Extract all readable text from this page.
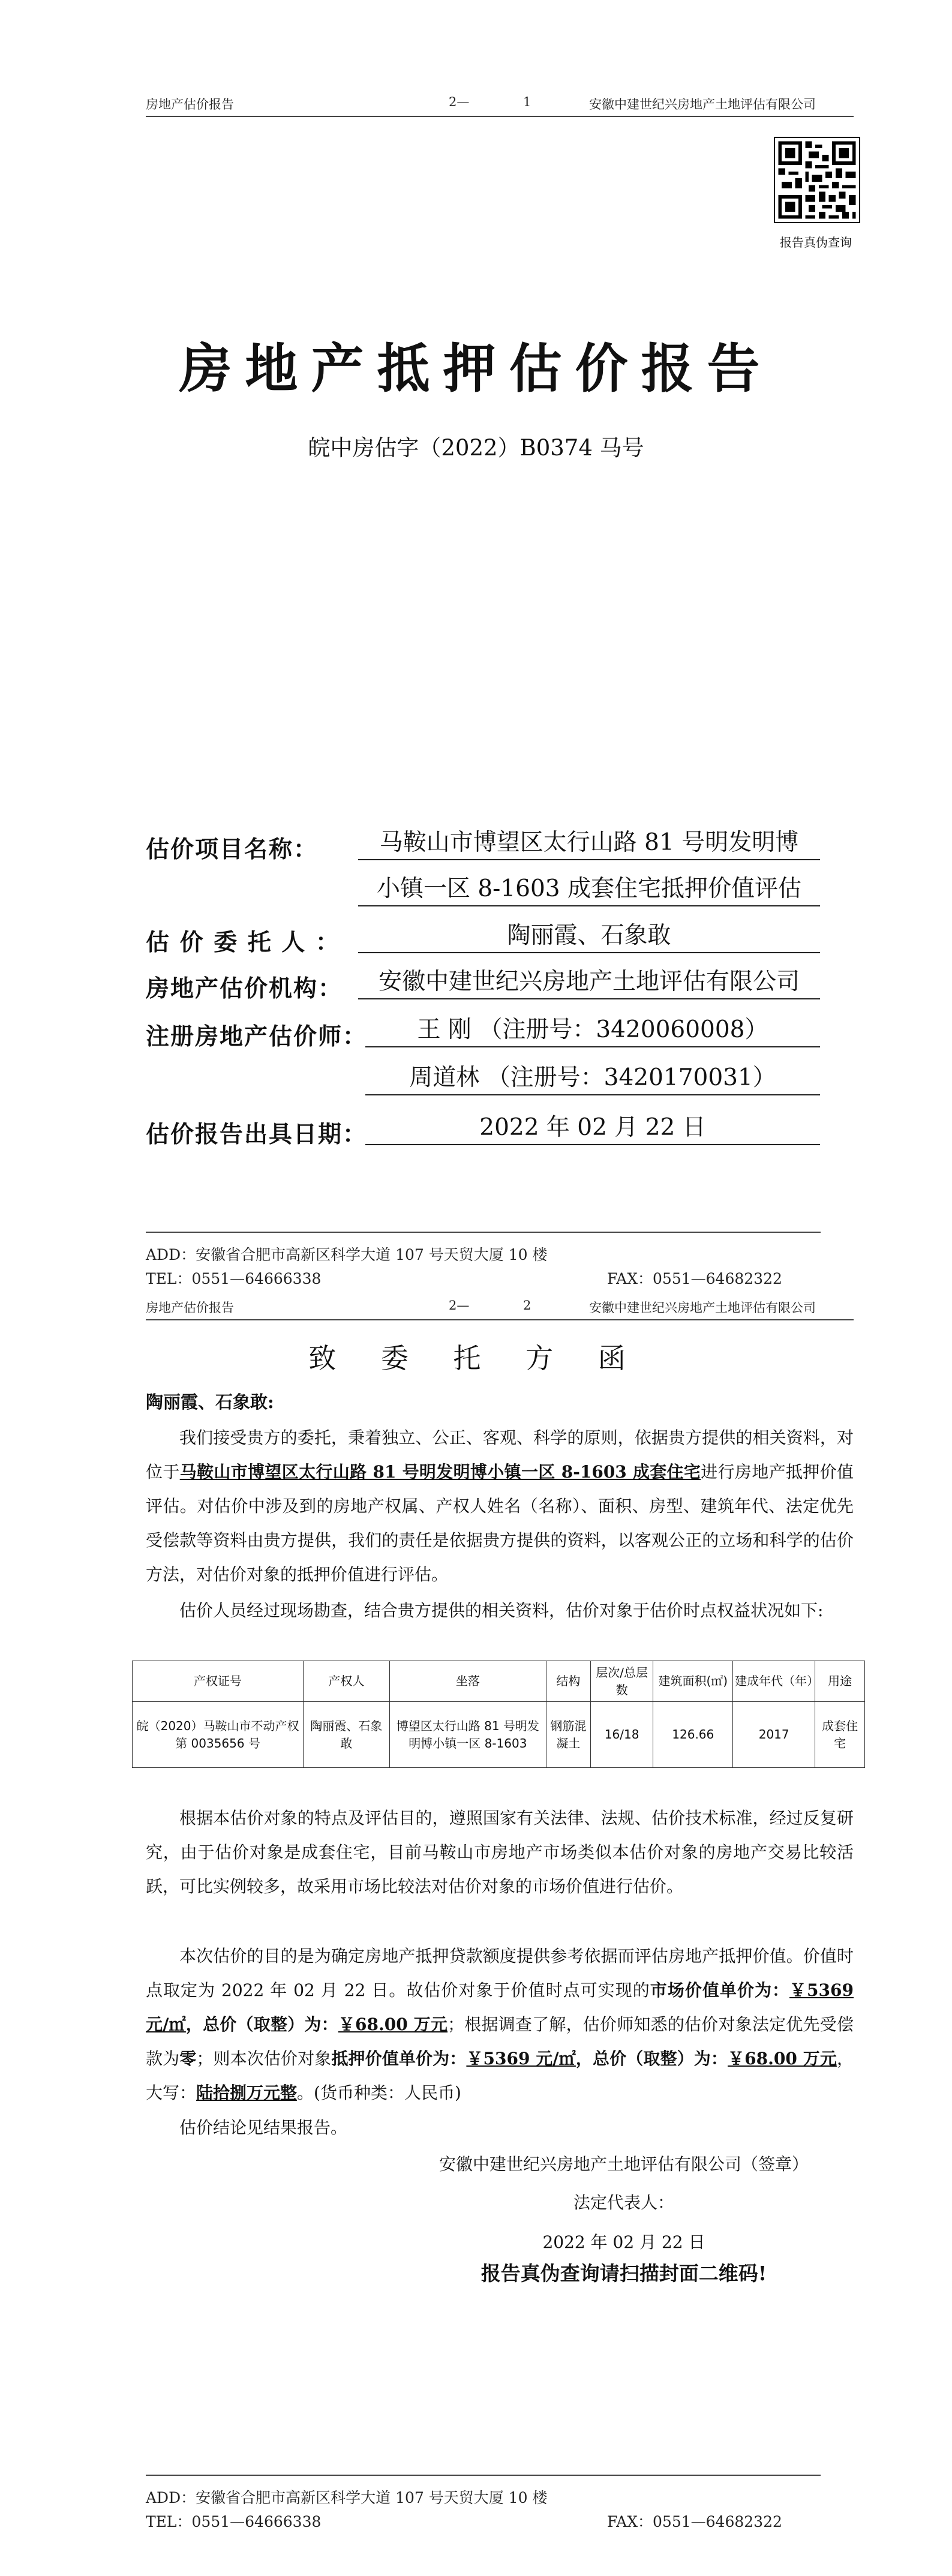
房地产估价报告	2—	1	安徽中建世纪兴房地产土地评估有限公司
报告真伪查询
房地产抵押估价报告
皖中房估字（2022）B0374 马号
估价项目名称：	马鞍山市博望区太行山路 81 号明发明博
小镇一区 8-1603 成套住宅抵押价值评估
估 价 委 托 人 ：	陶丽霞、石象敢
房地产估价机构：	安徽中建世纪兴房地产土地评估有限公司
注册房地产估价师：	王 刚 （注册号：3420060008）
周道林 （注册号：3420170031）
估价报告出具日期：	2022 年 02 月 22 日
ADD：安徽省合肥市高新区科学大道 107 号天贸大厦 10 楼
TEL：0551—64666338	FAX：0551—64682322
房地产估价报告	2—	2	安徽中建世纪兴房地产土地评估有限公司
致 委 托 方 函
陶丽霞、石象敢:
我们接受贵方的委托，秉着独立、公正、客观、科学的原则，依据贵方提供的相关资料，对位于马鞍山市博望区太行山路 81 号明发明博小镇一区 8-1603 成套住宅进行房地产抵押价值评估。对估价中涉及到的房地产权属、产权人姓名（名称）、面积、房型、建筑年代、法定优先受偿款等资料由贵方提供，我们的责任是依据贵方提供的资料，以客观公正的立场和科学的估价方法，对估价对象的抵押价值进行评估。
估价人员经过现场勘查，结合贵方提供的相关资料，估价对象于估价时点权益状况如下:
产权证号	产权人	坐落	结构	层次/总层数	建筑面积(㎡)	建成年代（年）	用途
皖（2020）马鞍山市不动产权第 0035656 号	陶丽霞、石象敢	博望区太行山路 81 号明发明博小镇一区 8-1603	钢筋混凝土	16/18	126.66	2017	成套住宅
根据本估价对象的特点及评估目的，遵照国家有关法律、法规、估价技术标准，经过反复研究，由于估价对象是成套住宅，目前马鞍山市房地产市场类似本估价对象的房地产交易比较活跃，可比实例较多，故采用市场比较法对估价对象的市场价值进行估价。
本次估价的目的是为确定房地产抵押贷款额度提供参考依据而评估房地产抵押价值。价值时点取定为 2022 年 02 月 22 日。故估价对象于价值时点可实现的市场价值单价为：￥5369 元/㎡，总价（取整）为：￥68.00 万元；根据调查了解，估价师知悉的估价对象法定优先受偿款为零；则本次估价对象抵押价值单价为：￥5369 元/㎡，总价（取整）为：￥68.00 万元，大写：陆拾捌万元整。(货币种类：人民币)
估价结论见结果报告。
安徽中建世纪兴房地产土地评估有限公司（签章）
法定代表人：
2022 年 02 月 22 日
报告真伪查询请扫描封面二维码!
ADD：安徽省合肥市高新区科学大道 107 号天贸大厦 10 楼
TEL：0551—64666338	FAX：0551—64682322
